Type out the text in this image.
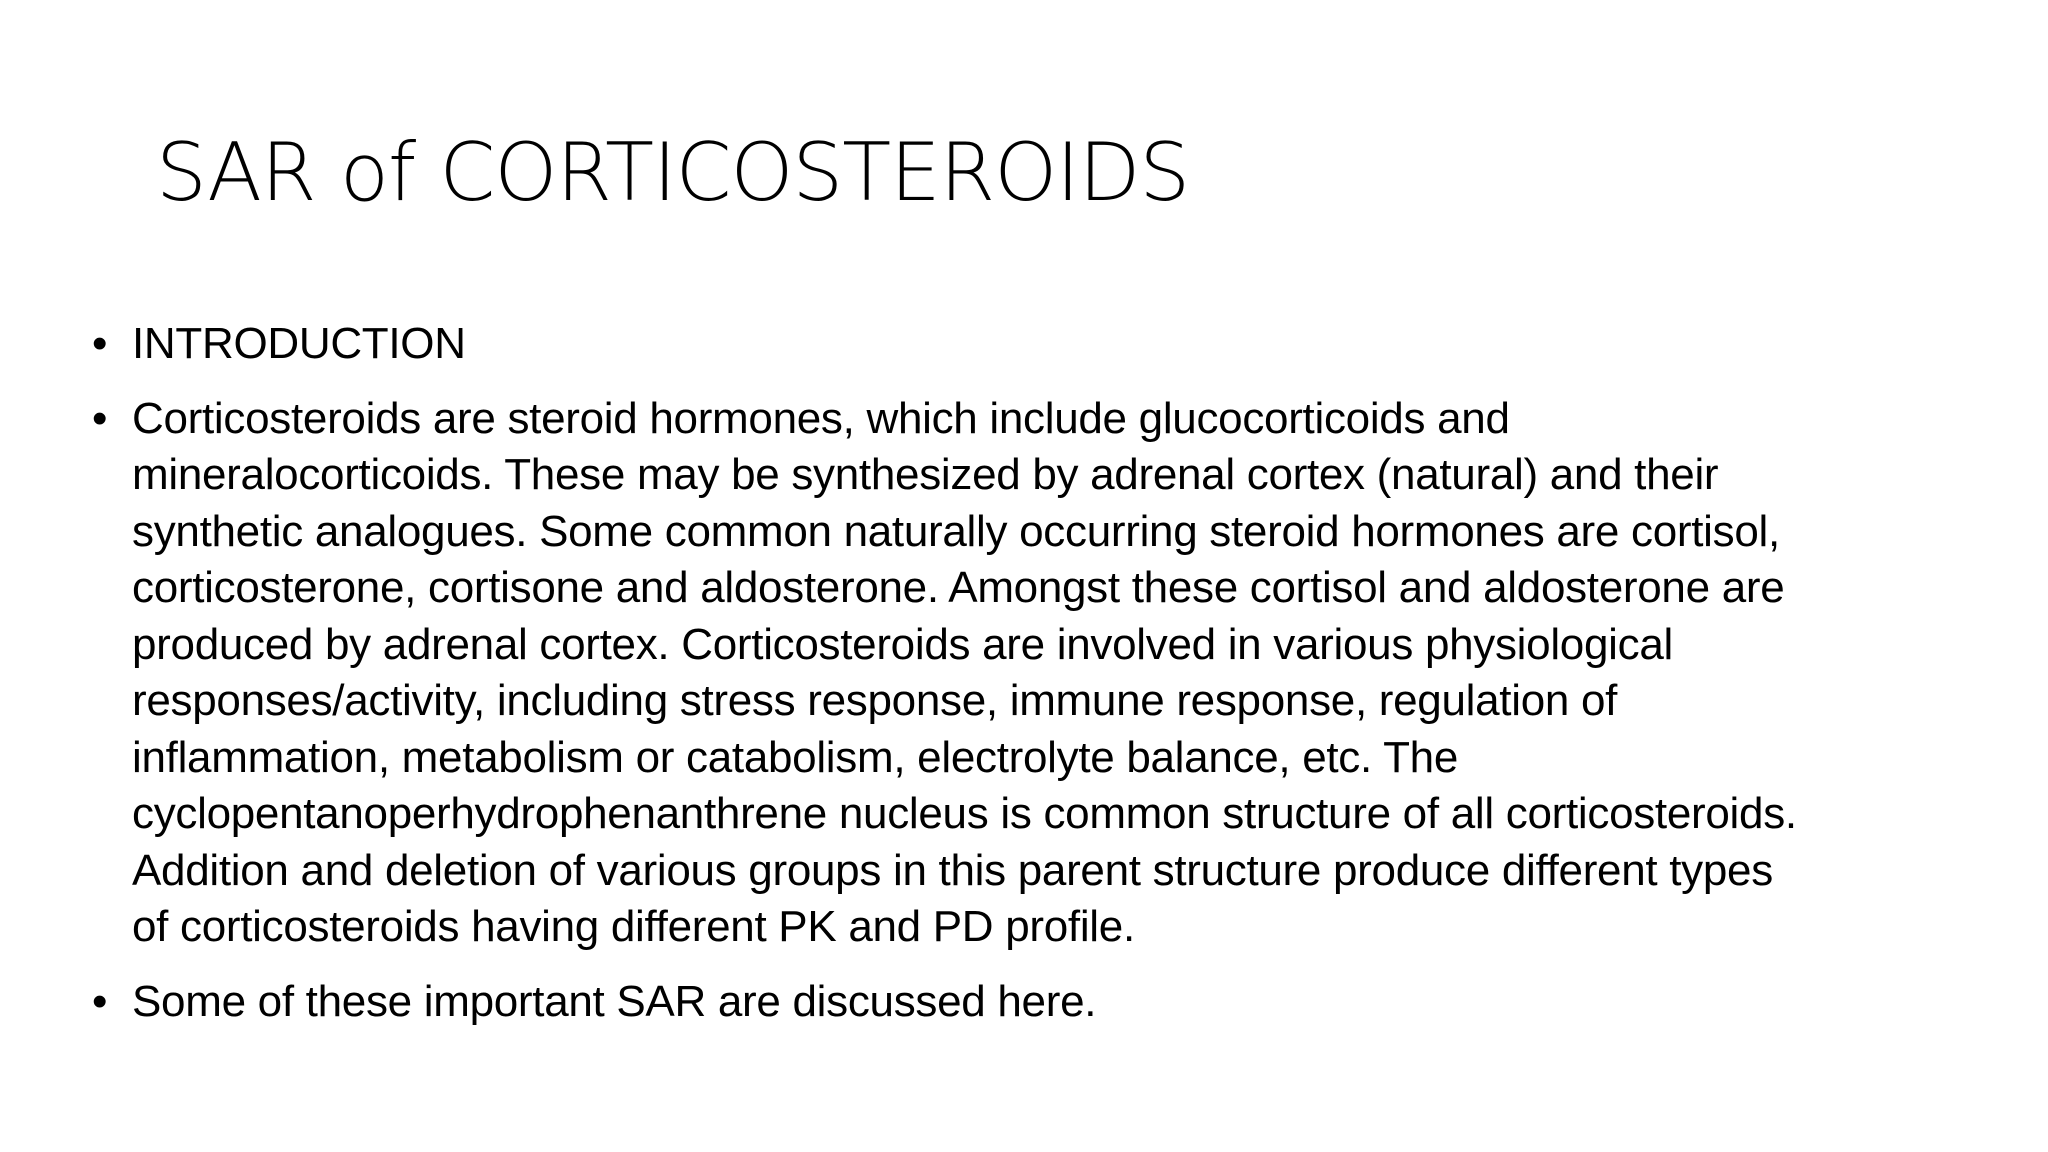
SAR of CORTICOSTEROIDS
• INTRODUCTION
• Corticosteroids are steroid hormones, which include glucocorticoids and
mineralocorticoids. These may be synthesized by adrenal cortex (natural) and their
synthetic analogues. Some common naturally occurring steroid hormones are cortisol,
corticosterone, cortisone and aldosterone. Amongst these cortisol and aldosterone are
produced by adrenal cortex. Corticosteroids are involved in various physiological
responses/activity, including stress response, immune response, regulation of
inflammation, metabolism or catabolism, electrolyte balance, etc. The
cyclopentanoperhydrophenanthrene nucleus is common structure of all corticosteroids.
Addition and deletion of various groups in this parent structure produce different types
of corticosteroids having different PK and PD profile.
• Some of these important SAR are discussed here.
